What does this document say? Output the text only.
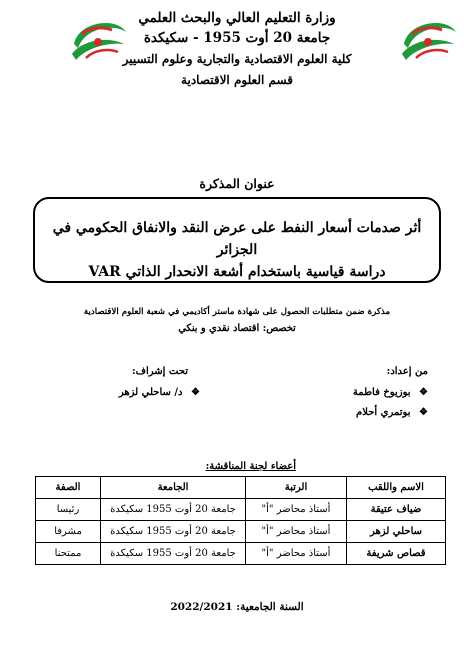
وزارة التعليم العالي والبحث العلمي
جامعة 20 أوت 1955 - سكيكدة
كلية العلوم الاقتصادية والتجارية وعلوم التسيير
قسم العلوم الاقتصادية
عنوان المذكرة
أثر صدمات أسعار النفط على عرض النقد والانفاق الحكومي في الجزائر
دراسة قياسية باستخدام أشعة الانحدار الذاتي VAR
مذكرة ضمن متطلبات الحصول على شهادة ماستر أكاديمي في شعبة العلوم الاقتصادية
تخصص: اقتصاد نقدي و بنكي
من إعداد:
❖ بوزيوخ فاطمة
❖ بوتمري أحلام
تحت إشراف:
❖ د/ ساحلي لزهر
أعضاء لجنة المناقشة:
الاسم واللقب	الرتبة	الجامعة	الصفة
ضياف عتيقة	أستاذ محاضر "أ"	جامعة 20 أوت 1955 سكيكدة	رئيسا
ساحلي لزهر	أستاذ محاضر "أ"	جامعة 20 أوت 1955 سكيكدة	مشرفا
قصاص شريفة	أستاذ محاضر "أ"	جامعة 20 أوت 1955 سكيكدة	ممتحنا
السنة الجامعية: 2022/2021
